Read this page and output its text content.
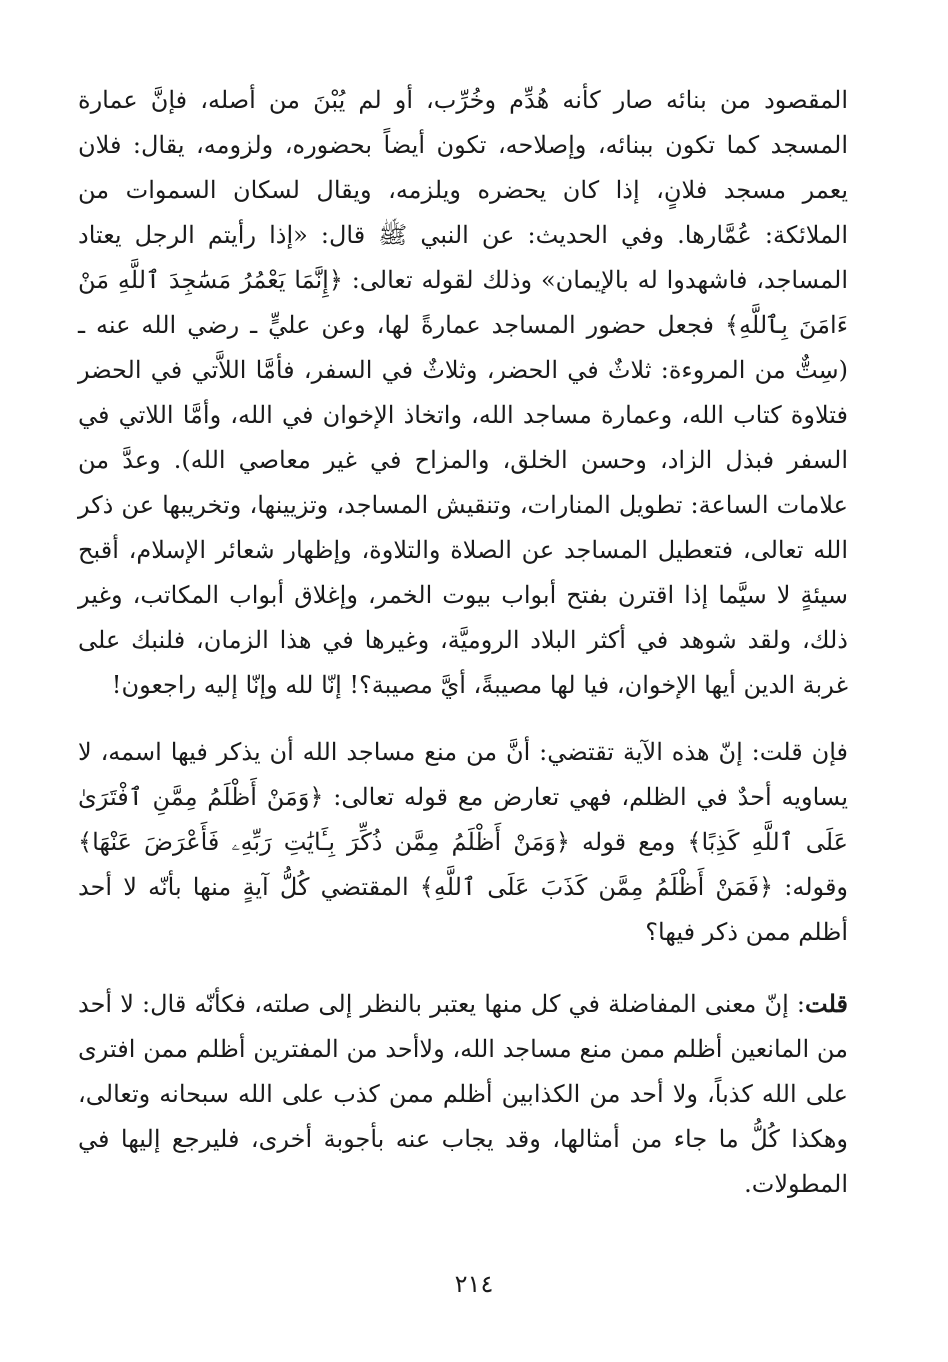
المقصود من بنائه صار كأنه هُدِّم وخُرِّب، أو لم يُبْنَ من أصله، فإنَّ عمارة المسجد كما تكون ببنائه، وإصلاحه، تكون أيضاً بحضوره، ولزومه، يقال: فلان يعمر مسجد فلانٍ، إذا كان يحضره ويلزمه، ويقال لسكان السموات من الملائكة: عُمَّارها. وفي الحديث: عن النبي ﷺ قال: «إذا رأيتم الرجل يعتاد المساجد، فاشهدوا له بالإيمان» وذلك لقوله تعالى: ﴿إِنَّمَا يَعْمُرُ مَسَٰجِدَ ٱللَّهِ مَنْ ءَامَنَ بِٱللَّهِ﴾ فجعل حضور المساجد عمارةً لها، وعن عليٍّ ـ رضي الله عنه ـ (سِتٌّ من المروءة: ثلاثٌ في الحضر، وثلاثٌ في السفر، فأمَّا اللاَّتي في الحضر فتلاوة كتاب الله، وعمارة مساجد الله، واتخاذ الإخوان في الله، وأمَّا اللاتي في السفر فبذل الزاد، وحسن الخلق، والمزاح في غير معاصي الله). وعدَّ من علامات الساعة: تطويل المنارات، وتنقيش المساجد، وتزيينها، وتخريبها عن ذكر الله تعالى، فتعطيل المساجد عن الصلاة والتلاوة، وإظهار شعائر الإسلام، أقبح سيئةٍ لا سيَّما إذا اقترن بفتح أبواب بيوت الخمر، وإغلاق أبواب المكاتب، وغير ذلك، ولقد شوهد في أكثر البلاد الروميَّة، وغيرها في هذا الزمان، فلنبك على غربة الدين أيها الإخوان، فيا لها مصيبةً، أيَّ مصيبة؟! إنّا لله وإنّا إليه راجعون!

فإن قلت: إنّ هذه الآية تقتضي: أنَّ من منع مساجد الله أن يذكر فيها اسمه، لا يساويه أحدٌ في الظلم، فهي تعارض مع قوله تعالى: ﴿وَمَنْ أَظْلَمُ مِمَّنِ ٱفْتَرَىٰ عَلَى ٱللَّهِ كَذِبًا﴾ ومع قوله ﴿وَمَنْ أَظْلَمُ مِمَّن ذُكِّرَ بِـَٔايَٰتِ رَبِّهِۦ فَأَعْرَضَ عَنْهَا﴾ وقوله: ﴿فَمَنْ أَظْلَمُ مِمَّن كَذَبَ عَلَى ٱللَّهِ﴾ المقتضي كُلُّ آيةٍ منها بأنّه لا أحد أظلم ممن ذكر فيها؟

قلت: إنّ معنى المفاضلة في كل منها يعتبر بالنظر إلى صلته، فكأنّه قال: لا أحد من المانعين أظلم ممن منع مساجد الله، ولاأحد من المفترين أظلم ممن افترى على الله كذباً، ولا أحد من الكذابين أظلم ممن كذب على الله سبحانه وتعالى، وهكذا كُلُّ ما جاء من أمثالها، وقد يجاب عنه بأجوبة أخرى، فليرجع إليها في المطولات.

٢١٤
